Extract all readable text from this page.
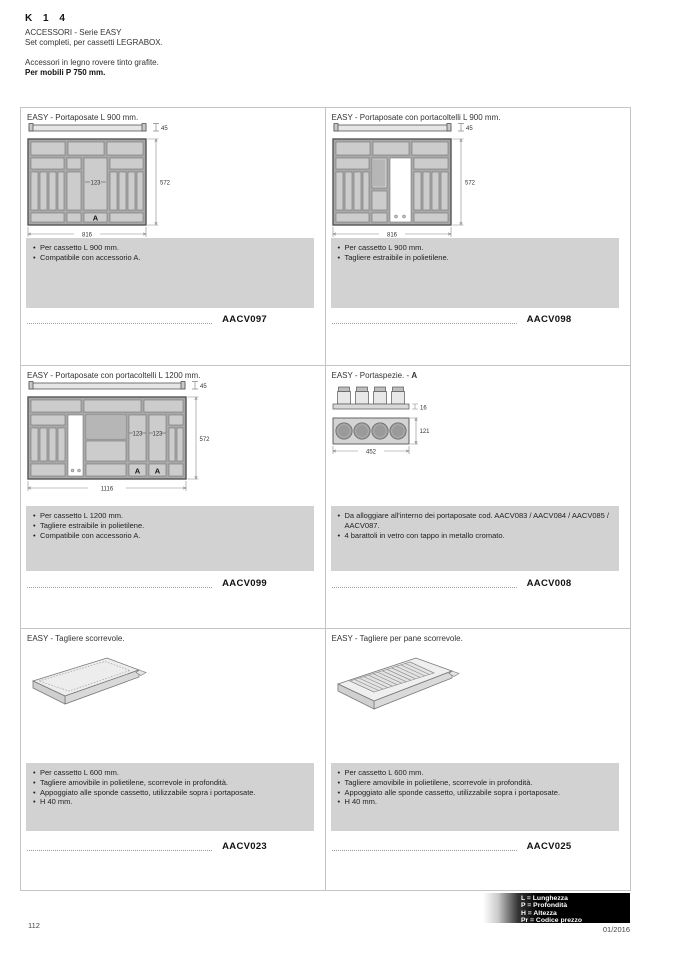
K 1 4
ACCESSORI - Serie EASY
Set completi, per cassetti LEGRABOX.
Accessori in legno rovere tinto grafite.
Per mobili P 750 mm.
EASY - Portaposate L 900 mm.
45
123
A
572
816
• Per cassetto L 900 mm.
• Compatibile con accessorio A.
AACV097
EASY - Portaposate con portacoltelli L 900 mm.
45
572
816
• Per cassetto L 900 mm.
• Tagliere estraibile in polietilene.
AACV098
EASY - Portaposate con portacoltelli L 1200 mm.
45
123 123
A A
572
1116
• Per cassetto L 1200 mm.
• Tagliere estraibile in polietilene.
• Compatibile con accessorio A.
AACV099
EASY - Portaspezie. - A
16
121
452
• Da alloggiare all'interno dei portaposate cod. AACV083 / AACV084 / AACV085 / AACV087.
• 4 barattoli in vetro con tappo in metallo cromato.
AACV008
EASY - Tagliere scorrevole.
• Per cassetto L 600 mm.
• Tagliere amovibile in polietilene, scorrevole in profondità.
• Appoggiato alle sponde cassetto, utilizzabile sopra i portaposate.
• H 40 mm.
AACV023
EASY - Tagliere per pane scorrevole.
• Per cassetto L 600 mm.
• Tagliere amovibile in polietilene, scorrevole in profondità.
• Appoggiato alle sponde cassetto, utilizzabile sopra i portaposate.
• H 40 mm.
AACV025
L = Lunghezza
P = Profondità
H = Altezza
Pr = Codice prezzo
112	01/2016
